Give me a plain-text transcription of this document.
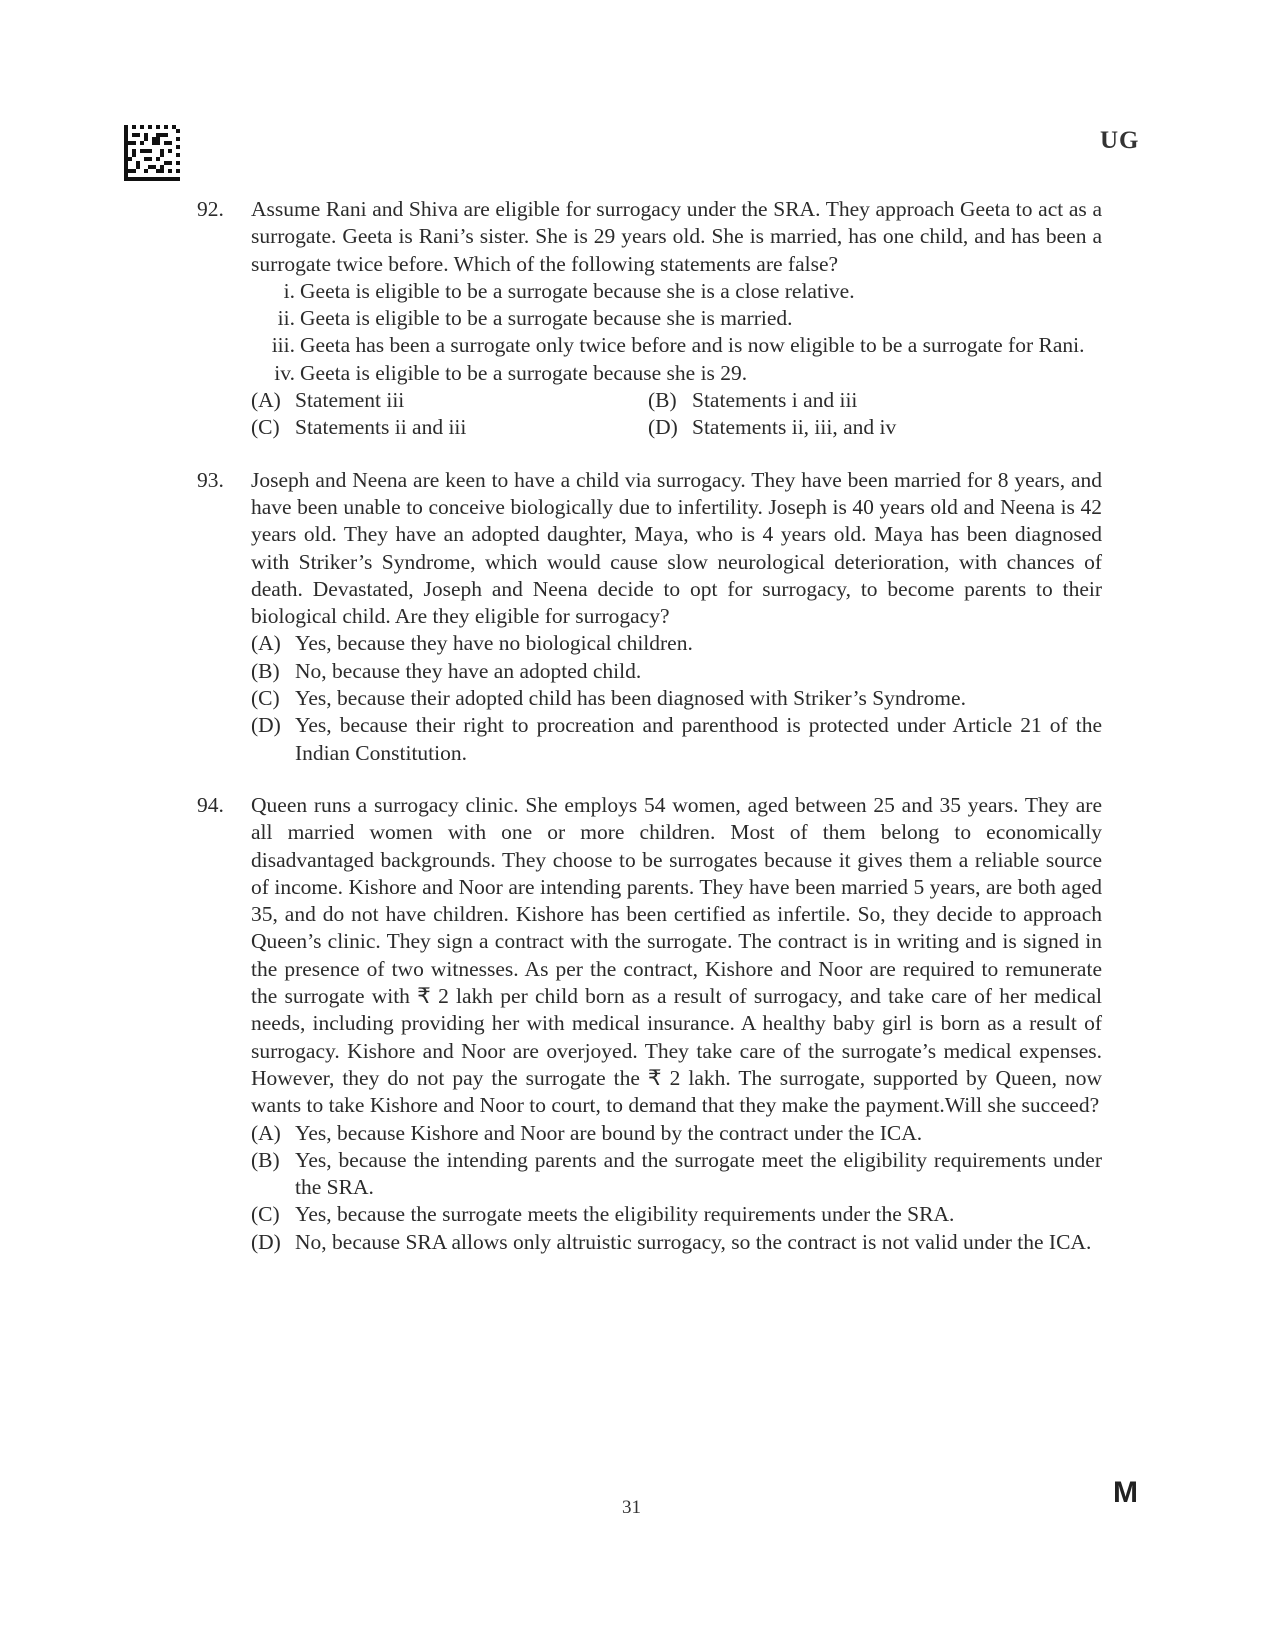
UG
92.	Assume Rani and Shiva are eligible for surrogacy under the SRA. They approach Geeta to act as a surrogate. Geeta is Rani’s sister. She is 29 years old. She is married, has one child, and has been a surrogate twice before. Which of the following statements are false?

i. Geeta is eligible to be a surrogate because she is a close relative.
ii. Geeta is eligible to be a surrogate because she is married.
iii. Geeta has been a surrogate only twice before and is now eligible to be a surrogate for Rani.
iv. Geeta is eligible to be a surrogate because she is 29.
(A) Statement iii	(B) Statements i and iii
(C) Statements ii and iii	(D) Statements ii, iii, and iv
93.	Joseph and Neena are keen to have a child via surrogacy. They have been married for 8 years, and have been unable to conceive biologically due to infertility. Joseph is 40 years old and Neena is 42 years old. They have an adopted daughter, Maya, who is 4 years old. Maya has been diagnosed with Striker’s Syndrome, which would cause slow neurological deterioration, with chances of death. Devastated, Joseph and Neena decide to opt for surrogacy, to become parents to their biological child. Are they eligible for surrogacy?

(A) Yes, because they have no biological children.
(B) No, because they have an adopted child.
(C) Yes, because their adopted child has been diagnosed with Striker’s Syndrome.
(D) Yes, because their right to procreation and parenthood is protected under Article 21 of the Indian Constitution.
94.	Queen runs a surrogacy clinic. She employs 54 women, aged between 25 and 35 years. They are all married women with one or more children. Most of them belong to economically disadvantaged backgrounds. They choose to be surrogates because it gives them a reliable source of income. Kishore and Noor are intending parents. They have been married 5 years, are both aged 35, and do not have children. Kishore has been certified as infertile. So, they decide to approach Queen’s clinic. They sign a contract with the surrogate. The contract is in writing and is signed in the presence of two witnesses. As per the contract, Kishore and Noor are required to remunerate the surrogate with ₹ 2 lakh per child born as a result of surrogacy, and take care of her medical needs, including providing her with medical insurance. A healthy baby girl is born as a result of surrogacy. Kishore and Noor are overjoyed. They take care of the surrogate’s medical expenses. However, they do not pay the surrogate the ₹ 2 lakh. The surrogate, supported by Queen, now wants to take Kishore and Noor to court, to demand that they make the payment.Will she succeed?

(A) Yes, because Kishore and Noor are bound by the contract under the ICA.
(B) Yes, because the intending parents and the surrogate meet the eligibility requirements under the SRA.
(C) Yes, because the surrogate meets the eligibility requirements under the SRA.
(D) No, because SRA allows only altruistic surrogacy, so the contract is not valid under the ICA.
31	M
